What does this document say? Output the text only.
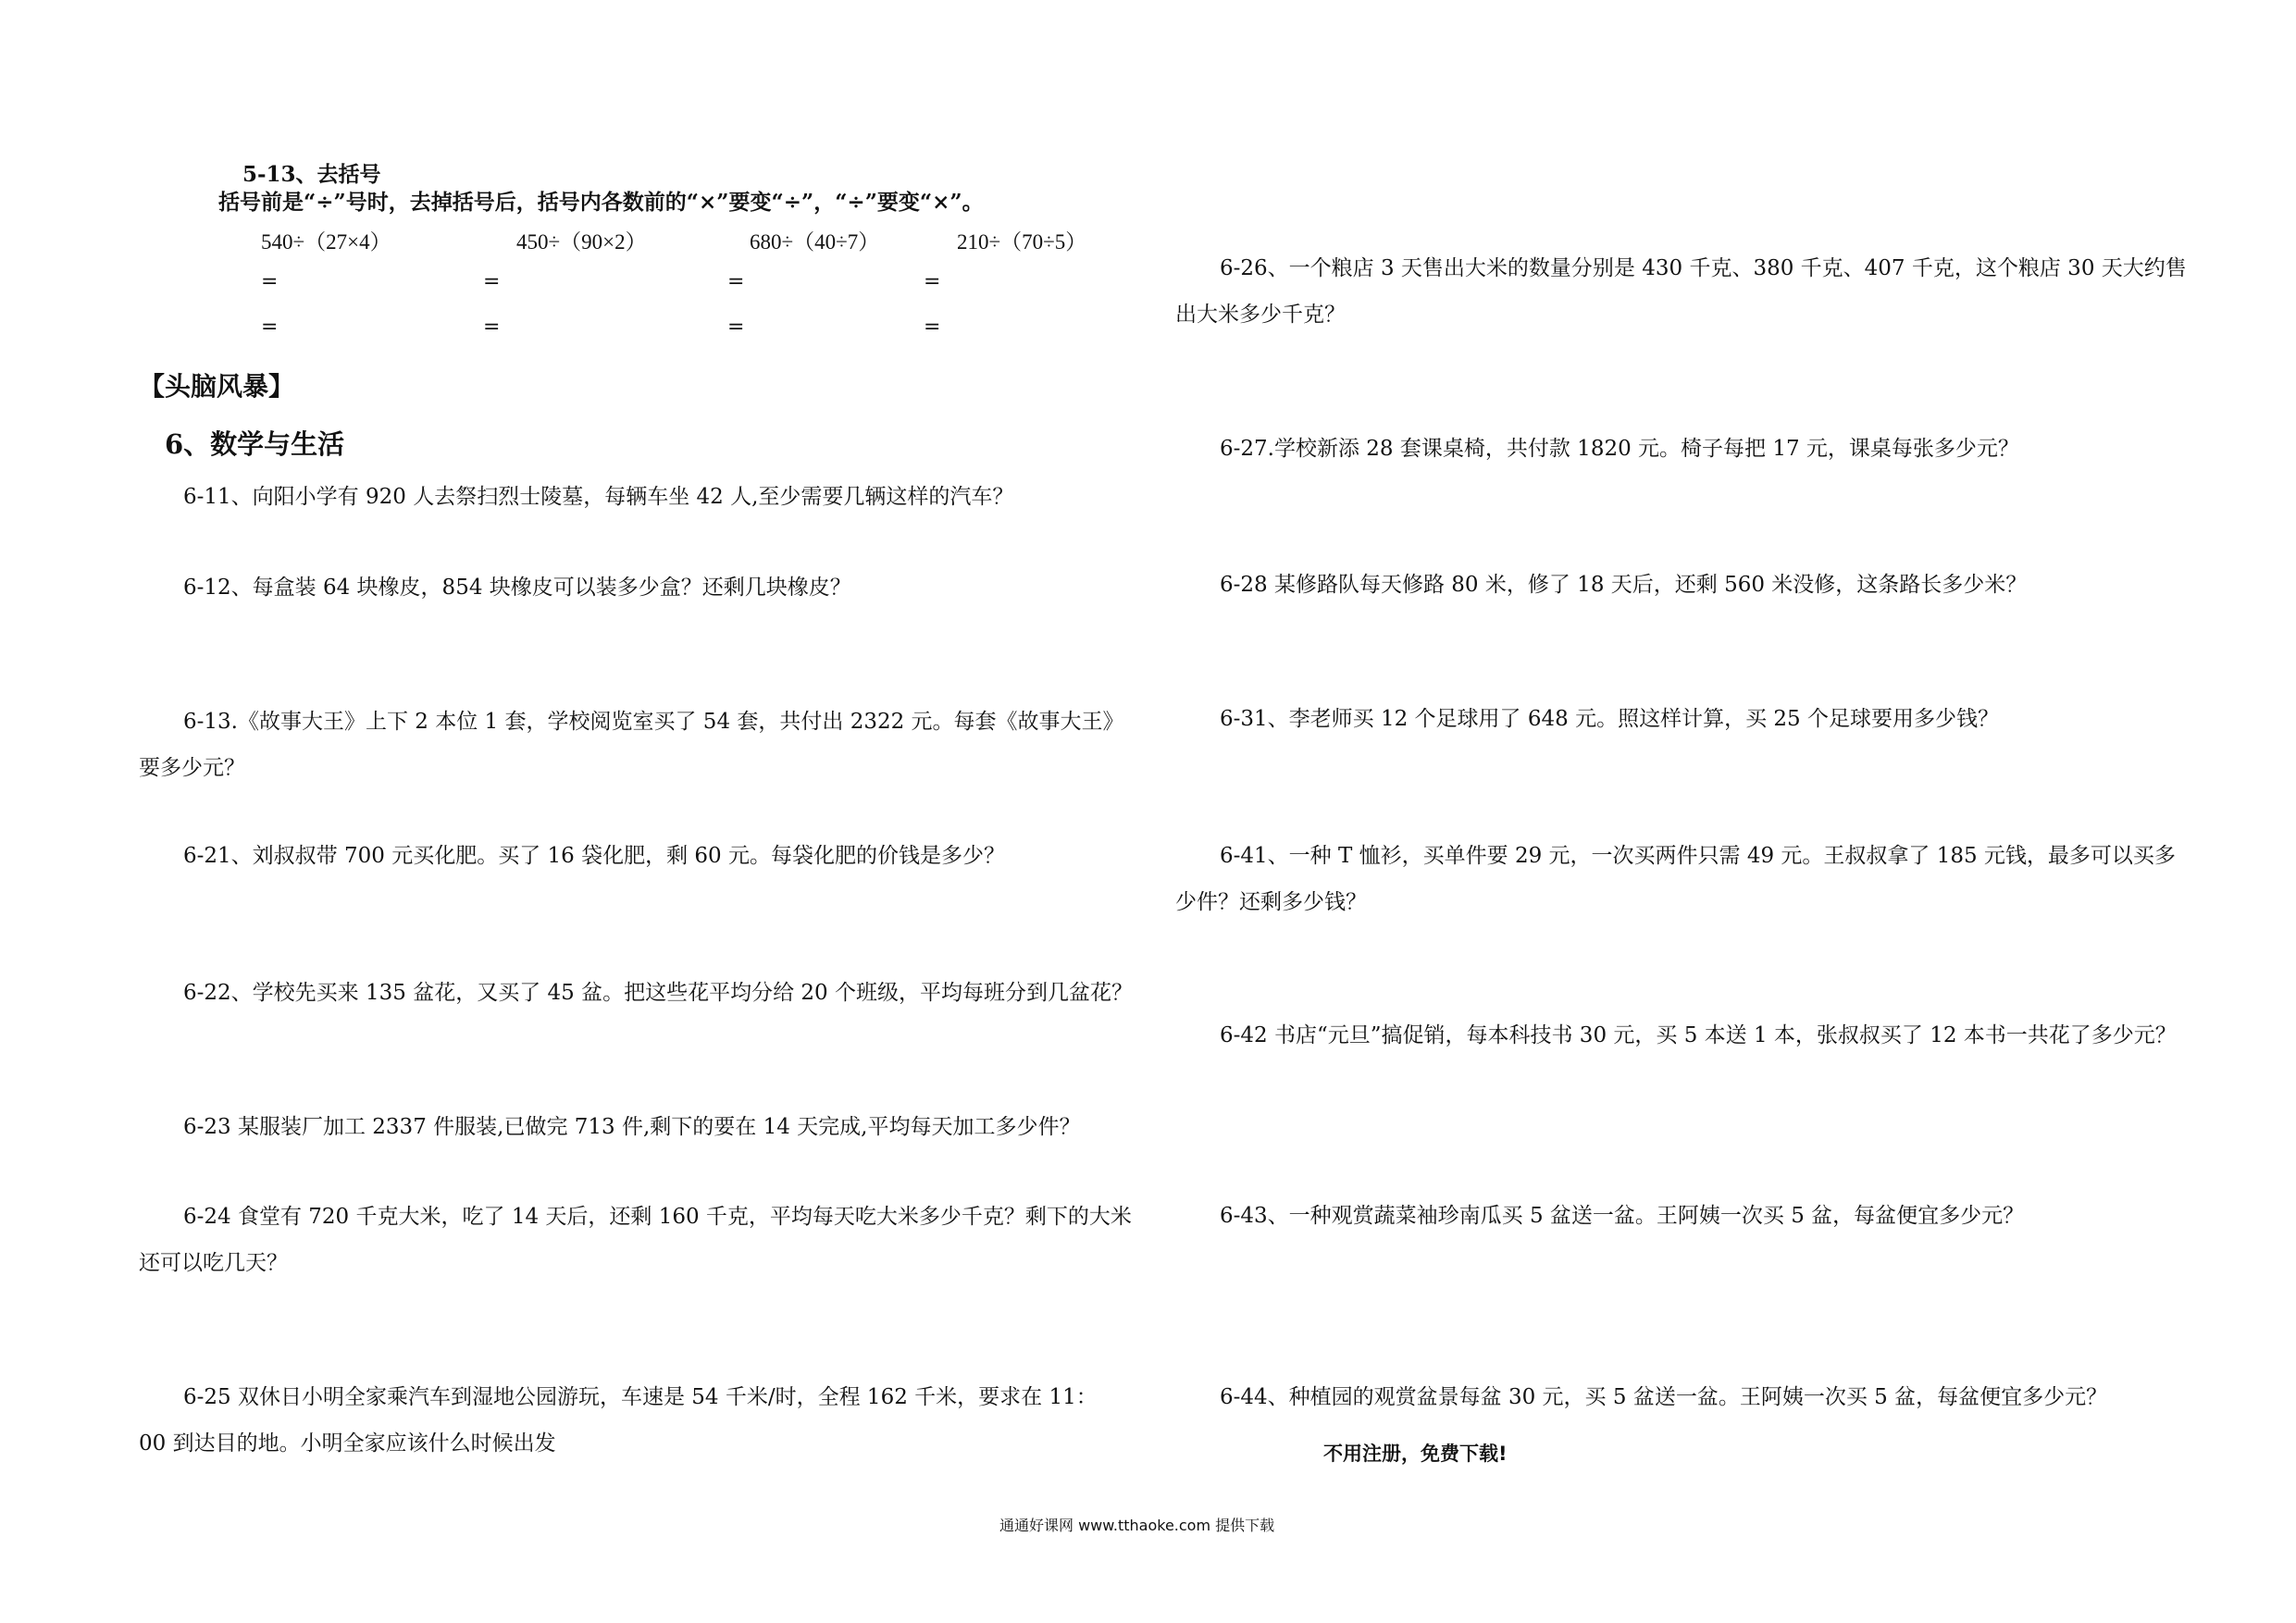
5-13、去括号
括号前是“÷”号时，去掉括号后，括号内各数前的“×”要变“÷”，“÷”要变“×”。
540÷（27×4）	450÷（90×2）	680÷（40÷7）	210÷（70÷5）
=	=	=	=
=	=	=	=
【头脑风暴】
6、数学与生活
6-11、向阳小学有 920 人去祭扫烈士陵墓，每辆车坐 42 人,至少需要几辆这样的汽车？
6-12、每盒装 64 块橡皮，854 块橡皮可以装多少盒？还剩几块橡皮？
6-13.《故事大王》上下 2 本位 1 套，学校阅览室买了 54 套，共付出 2322 元。每套《故事大王》要多少元？
6-21、刘叔叔带 700 元买化肥。买了 16 袋化肥，剩 60 元。每袋化肥的价钱是多少？
6-22、学校先买来 135 盆花，又买了 45 盆。把这些花平均分给 20 个班级，平均每班分到几盆花？
6-23 某服装厂加工 2337 件服装,已做完 713 件,剩下的要在 14 天完成,平均每天加工多少件？
6-24 食堂有 720 千克大米，吃了 14 天后，还剩 160 千克，平均每天吃大米多少千克？剩下的大米还可以吃几天？
6-25 双休日小明全家乘汽车到湿地公园游玩，车速是 54 千米/时，全程 162 千米，要求在 11：00 到达目的地。小明全家应该什么时候出发
6-26、一个粮店 3 天售出大米的数量分别是 430 千克、380 千克、407 千克，这个粮店 30 天大约售出大米多少千克？
6-27.学校新添 28 套课桌椅，共付款 1820 元。椅子每把 17 元，课桌每张多少元？
6-28 某修路队每天修路 80 米，修了 18 天后，还剩 560 米没修，这条路长多少米？
6-31、李老师买 12 个足球用了 648 元。照这样计算，买 25 个足球要用多少钱？
6-41、一种 T 恤衫，买单件要 29 元，一次买两件只需 49 元。王叔叔拿了 185 元钱，最多可以买多少件？还剩多少钱？
6-42 书店“元旦”搞促销，每本科技书 30 元，买 5 本送 1 本，张叔叔买了 12 本书一共花了多少元？
6-43、一种观赏蔬菜袖珍南瓜买 5 盆送一盆。王阿姨一次买 5 盆，每盆便宜多少元？
6-44、种植园的观赏盆景每盆 30 元，买 5 盆送一盆。王阿姨一次买 5 盆，每盆便宜多少元？
不用注册，免费下载!
通通好课网 www.tthaoke.com 提供下载
